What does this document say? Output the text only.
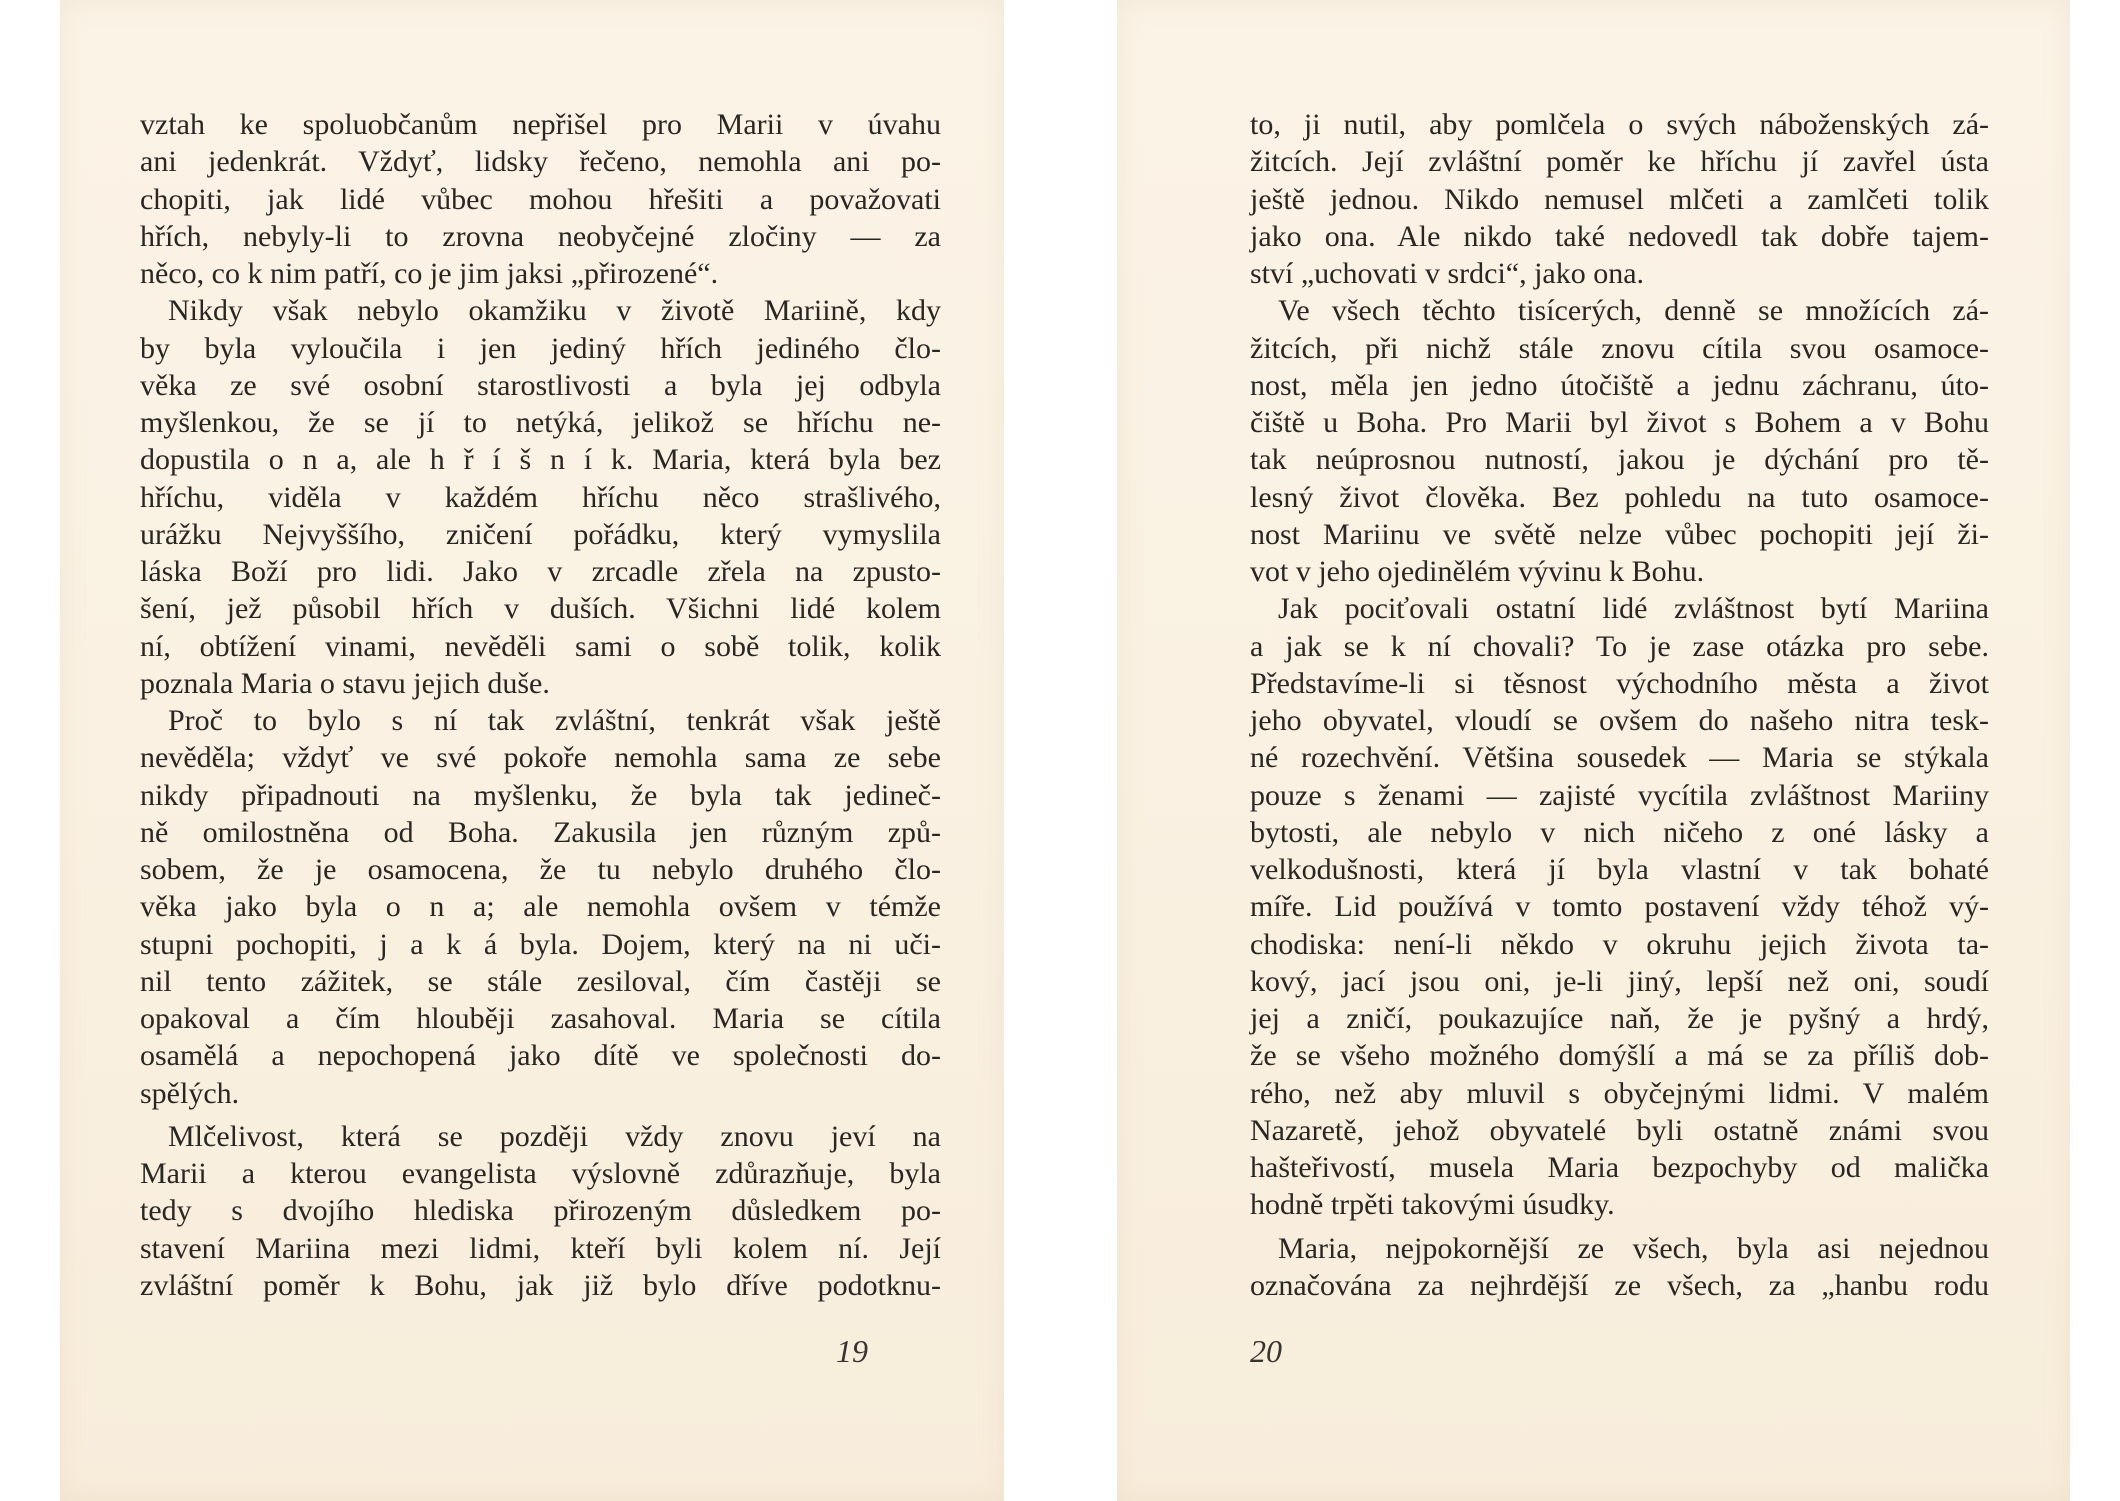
vztah ke spoluobčanům nepřišel pro Marii v úvahu
ani jedenkrát. Vždyť, lidsky řečeno, nemohla ani po-
chopiti, jak lidé vůbec mohou hřešiti a považovati
hřích, nebyly-li to zrovna neobyčejné zločiny — za
něco, co k nim patří, co je jim jaksi „přirozené“.
Nikdy však nebylo okamžiku v životě Mariině, kdy
by byla vyloučila i jen jediný hřích jediného člo-
věka ze své osobní starostlivosti a byla jej odbyla
myšlenkou, že se jí to netýká, jelikož se hříchu ne-
dopustila o n a, ale h ř í š n í k. Maria, která byla bez
hříchu, viděla v každém hříchu něco strašlivého,
urážku Nejvyššího, zničení pořádku, který vymyslila
láska Boží pro lidi. Jako v zrcadle zřela na zpusto-
šení, jež působil hřích v duších. Všichni lidé kolem
ní, obtížení vinami, nevěděli sami o sobě tolik, kolik
poznala Maria o stavu jejich duše.
Proč to bylo s ní tak zvláštní, tenkrát však ještě
nevěděla; vždyť ve své pokoře nemohla sama ze sebe
nikdy připadnouti na myšlenku, že byla tak jedineč-
ně omilostněna od Boha. Zakusila jen různým způ-
sobem, že je osamocena, že tu nebylo druhého člo-
věka jako byla o n a; ale nemohla ovšem v témže
stupni pochopiti, j a k á byla. Dojem, který na ni uči-
nil tento zážitek, se stále zesiloval, čím častěji se
opakoval a čím hlouběji zasahoval. Maria se cítila
osamělá a nepochopená jako dítě ve společnosti do-
spělých.
Mlčelivost, která se později vždy znovu jeví na
Marii a kterou evangelista výslovně zdůrazňuje, byla
tedy s dvojího hlediska přirozeným důsledkem po-
stavení Mariina mezi lidmi, kteří byli kolem ní. Její
zvláštní poměr k Bohu, jak již bylo dříve podotknu-
19
to, ji nutil, aby pomlčela o svých náboženských zá-
žitcích. Její zvláštní poměr ke hříchu jí zavřel ústa
ještě jednou. Nikdo nemusel mlčeti a zamlčeti tolik
jako ona. Ale nikdo také nedovedl tak dobře tajem-
ství „uchovati v srdci“, jako ona.
Ve všech těchto tisícerých, denně se množících zá-
žitcích, při nichž stále znovu cítila svou osamoce-
nost, měla jen jedno útočiště a jednu záchranu, úto-
čiště u Boha. Pro Marii byl život s Bohem a v Bohu
tak neúprosnou nutností, jakou je dýchání pro tě-
lesný život člověka. Bez pohledu na tuto osamoce-
nost Mariinu ve světě nelze vůbec pochopiti její ži-
vot v jeho ojedinělém vývinu k Bohu.
Jak pociťovali ostatní lidé zvláštnost bytí Mariina
a jak se k ní chovali? To je zase otázka pro sebe.
Představíme-li si těsnost východního města a život
jeho obyvatel, vloudí se ovšem do našeho nitra tesk-
né rozechvění. Většina sousedek — Maria se stýkala
pouze s ženami — zajisté vycítila zvláštnost Mariiny
bytosti, ale nebylo v nich ničeho z oné lásky a
velkodušnosti, která jí byla vlastní v tak bohaté
míře. Lid používá v tomto postavení vždy téhož vý-
chodiska: není-li někdo v okruhu jejich života ta-
kový, jací jsou oni, je-li jiný, lepší než oni, soudí
jej a zničí, poukazujíce naň, že je pyšný a hrdý,
že se všeho možného domýšlí a má se za příliš dob-
rého, než aby mluvil s obyčejnými lidmi. V malém
Nazaretě, jehož obyvatelé byli ostatně známi svou
hašteřivostí, musela Maria bezpochyby od malička
hodně trpěti takovými úsudky.
Maria, nejpokornější ze všech, byla asi nejednou
označována za nejhrdější ze všech, za „hanbu rodu
20
